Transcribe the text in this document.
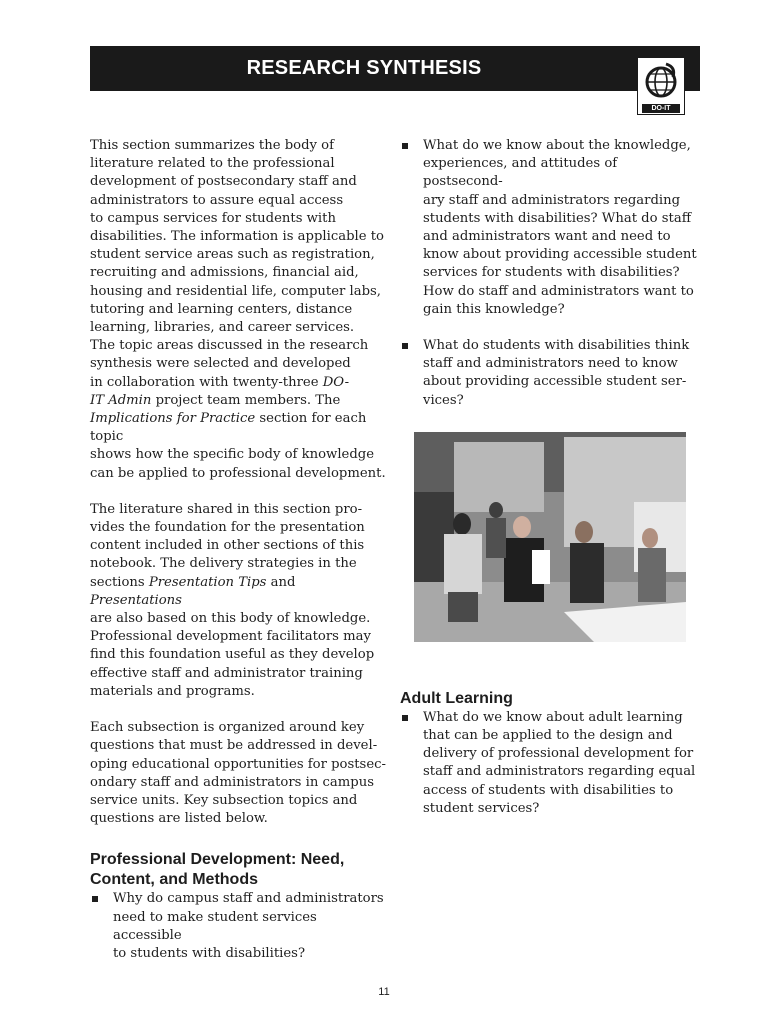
RESEARCH SYNTHESIS
DO-IT

This section summarizes the body of
literature related to the professional
development of postsecondary staff and
administrators to assure equal access
to campus services for students with
disabilities. The information is applicable to
student service areas such as registration,
recruiting and admissions, financial aid,
housing and residential life, computer labs,
tutoring and learning centers, distance
learning, libraries, and career services.
The topic areas discussed in the research
synthesis were selected and developed
in collaboration with twenty-three DO-
IT Admin project team members. The
Implications for Practice section for each topic
shows how the specific body of knowledge
can be applied to professional development.

The literature shared in this section pro-
vides the foundation for the presentation
content included in other sections of this
notebook. The delivery strategies in the
sections Presentation Tips and Presentations
are also based on this body of knowledge.
Professional development facilitators may
find this foundation useful as they develop
effective staff and administrator training
materials and programs.

Each subsection is organized around key
questions that must be addressed in devel-
oping educational opportunities for postsec-
ondary staff and administrators in campus
service units. Key subsection topics and
questions are listed below.

Professional Development: Need,
Content, and Methods
Why do campus staff and administrators
need to make student services accessible
to students with disabilities?
What do we know about the knowledge,
experiences, and attitudes of postsecond-
ary staff and administrators regarding
students with disabilities? What do staff
and administrators want and need to
know about providing accessible student
services for students with disabilities?
How do staff and administrators want to
gain this knowledge?
What do students with disabilities think
staff and administrators need to know
about providing accessible student ser-
vices?
Adult Learning
What do we know about adult learning
that can be applied to the design and
delivery of professional development for
staff and administrators regarding equal
access of students with disabilities to
student services?
11
